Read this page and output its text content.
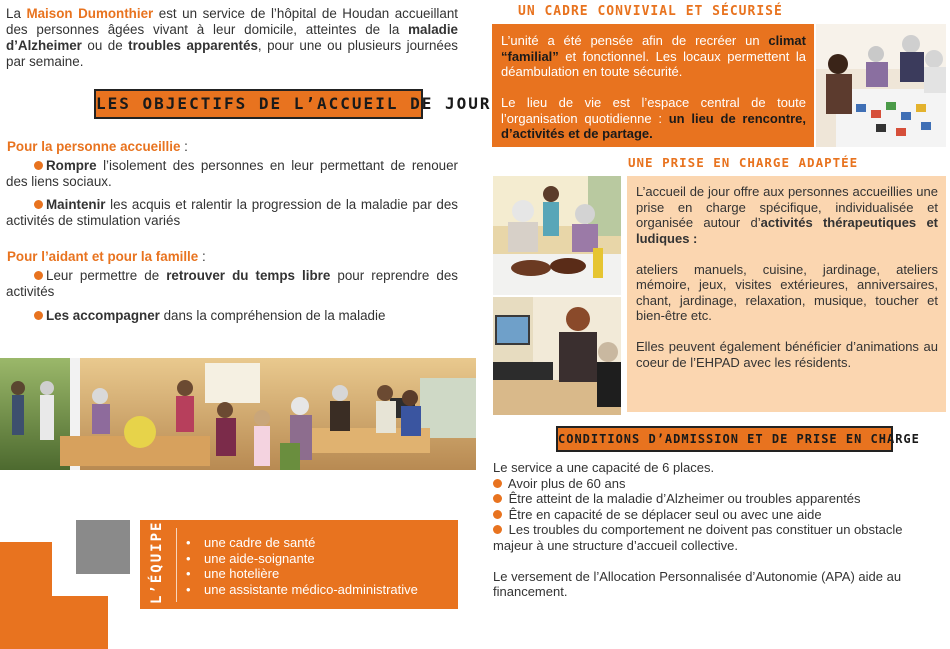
La Maison Dumonthier est un service de l’hôpital de Houdan accueillant des personnes âgées vivant à leur domicile, atteintes de la maladie d’Alzheimer ou de troubles apparentés, pour une ou plusieurs journées par semaine.
LES OBJECTIFS DE L’ACCUEIL DE JOUR
Pour la personne accueillie :
Rompre l’isolement des personnes en leur permettant de renouer des liens sociaux.
Maintenir les acquis et ralentir la progression de la maladie par des activités de stimulation variés
Pour l’aidant et pour la famille :
Leur permettre de retrouver du temps libre pour reprendre des activités
Les accompagner dans la compréhension de la maladie
L’ÉQUIPE
•	une cadre de santé
• une aide-soignante
• une hotelière
• une assistante médico-administrative
UN CADRE CONVIVIAL ET SÉCURISÉ

L’unité a été pensée afin de recréer un climat “familial” et fonctionnel. Les locaux permettent la déambulation en toute sécurité.

Le lieu de vie est l’espace central de toute l’organisation quotidienne : un lieu de rencontre, d’activités et de partage.

UNE PRISE EN CHARGE ADAPTÉE

L’accueil de jour offre aux personnes accueillies une prise en charge spécifique, individualisée et organisée autour d’activités thérapeutiques et ludiques :

ateliers manuels, cuisine, jardinage, ateliers mémoire, jeux, visites extérieures, anniversaires, chant, jardinage, relaxation, musique, toucher et bien-être etc.

Elles peuvent également bénéficier d’animations au coeur de l’EHPAD avec les résidents.

CONDITIONS D’ADMISSION ET DE PRISE EN CHARGE
Le service a une capacité de 6 places.
Avoir plus de 60 ans
Être atteint de la maladie d’Alzheimer ou troubles apparentés
Être en capacité de se déplacer seul ou avec une aide
Les troubles du comportement ne doivent pas constituer un obstacle majeur à une structure d’accueil collective.
Le versement de l’Allocation Personnalisée d’Autonomie (APA) aide au financement.
